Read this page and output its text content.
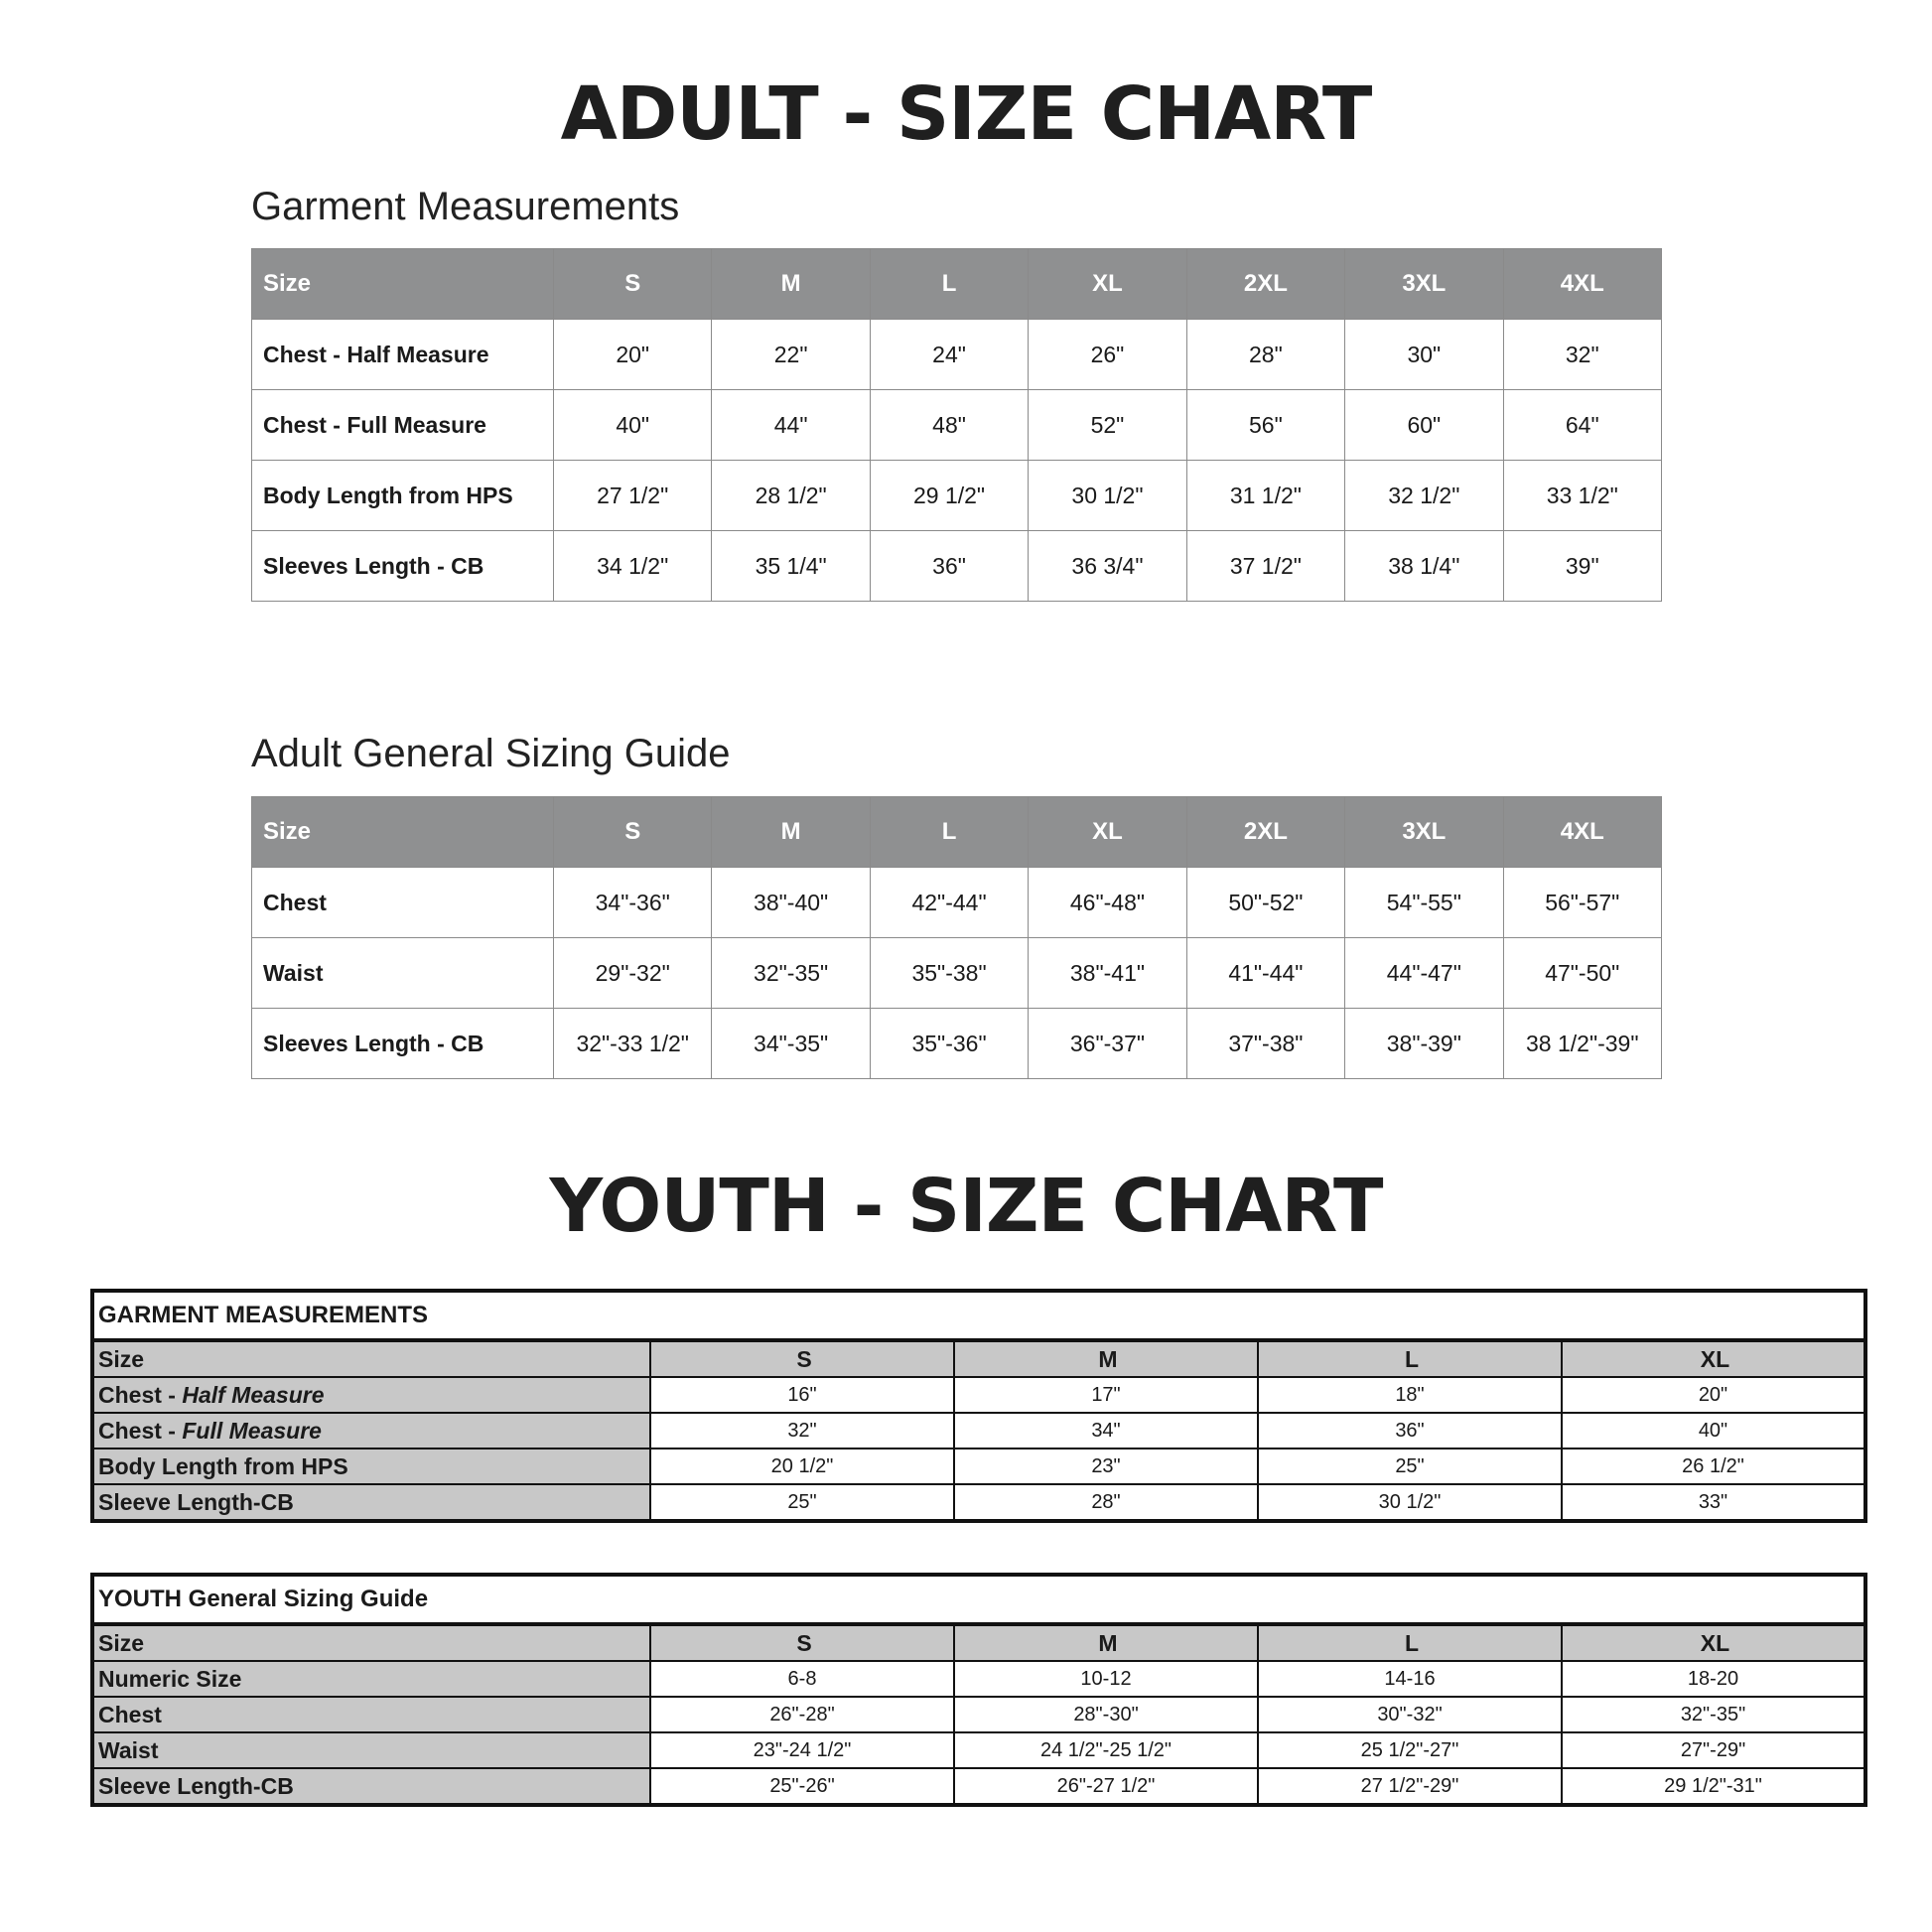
ADULT - SIZE CHART
Garment Measurements
Size	S	M	L	XL	2XL	3XL	4XL
Chest - Half Measure	20"	22"	24"	26"	28"	30"	32"
Chest - Full Measure	40"	44"	48"	52"	56"	60"	64"
Body Length from HPS	27 1/2"	28 1/2"	29 1/2"	30 1/2"	31 1/2"	32 1/2"	33 1/2"
Sleeves Length - CB	34 1/2"	35 1/4"	36"	36 3/4"	37 1/2"	38 1/4"	39"
Adult General Sizing Guide
Size	S	M	L	XL	2XL	3XL	4XL
Chest	34"-36"	38"-40"	42"-44"	46"-48"	50"-52"	54"-55"	56"-57"
Waist	29"-32"	32"-35"	35"-38"	38"-41"	41"-44"	44"-47"	47"-50"
Sleeves Length - CB	32"-33 1/2"	34"-35"	35"-36"	36"-37"	37"-38"	38"-39"	38 1/2"-39"
YOUTH - SIZE CHART
GARMENT MEASUREMENTS				
Size	S	M	L	XL
Chest - Half Measure	16"	17"	18"	20"
Chest - Full Measure	32"	34"	36"	40"
Body Length from HPS	20 1/2"	23"	25"	26 1/2"
Sleeve Length-CB	25"	28"	30 1/2"	33"
YOUTH General Sizing Guide				
Size	S	M	L	XL
Numeric Size	6-8	10-12	14-16	18-20
Chest	26"-28"	28"-30"	30"-32"	32"-35"
Waist	23"-24 1/2"	24 1/2"-25 1/2"	25 1/2"-27"	27"-29"
Sleeve Length-CB	25"-26"	26"-27 1/2"	27 1/2"-29"	29 1/2"-31"
